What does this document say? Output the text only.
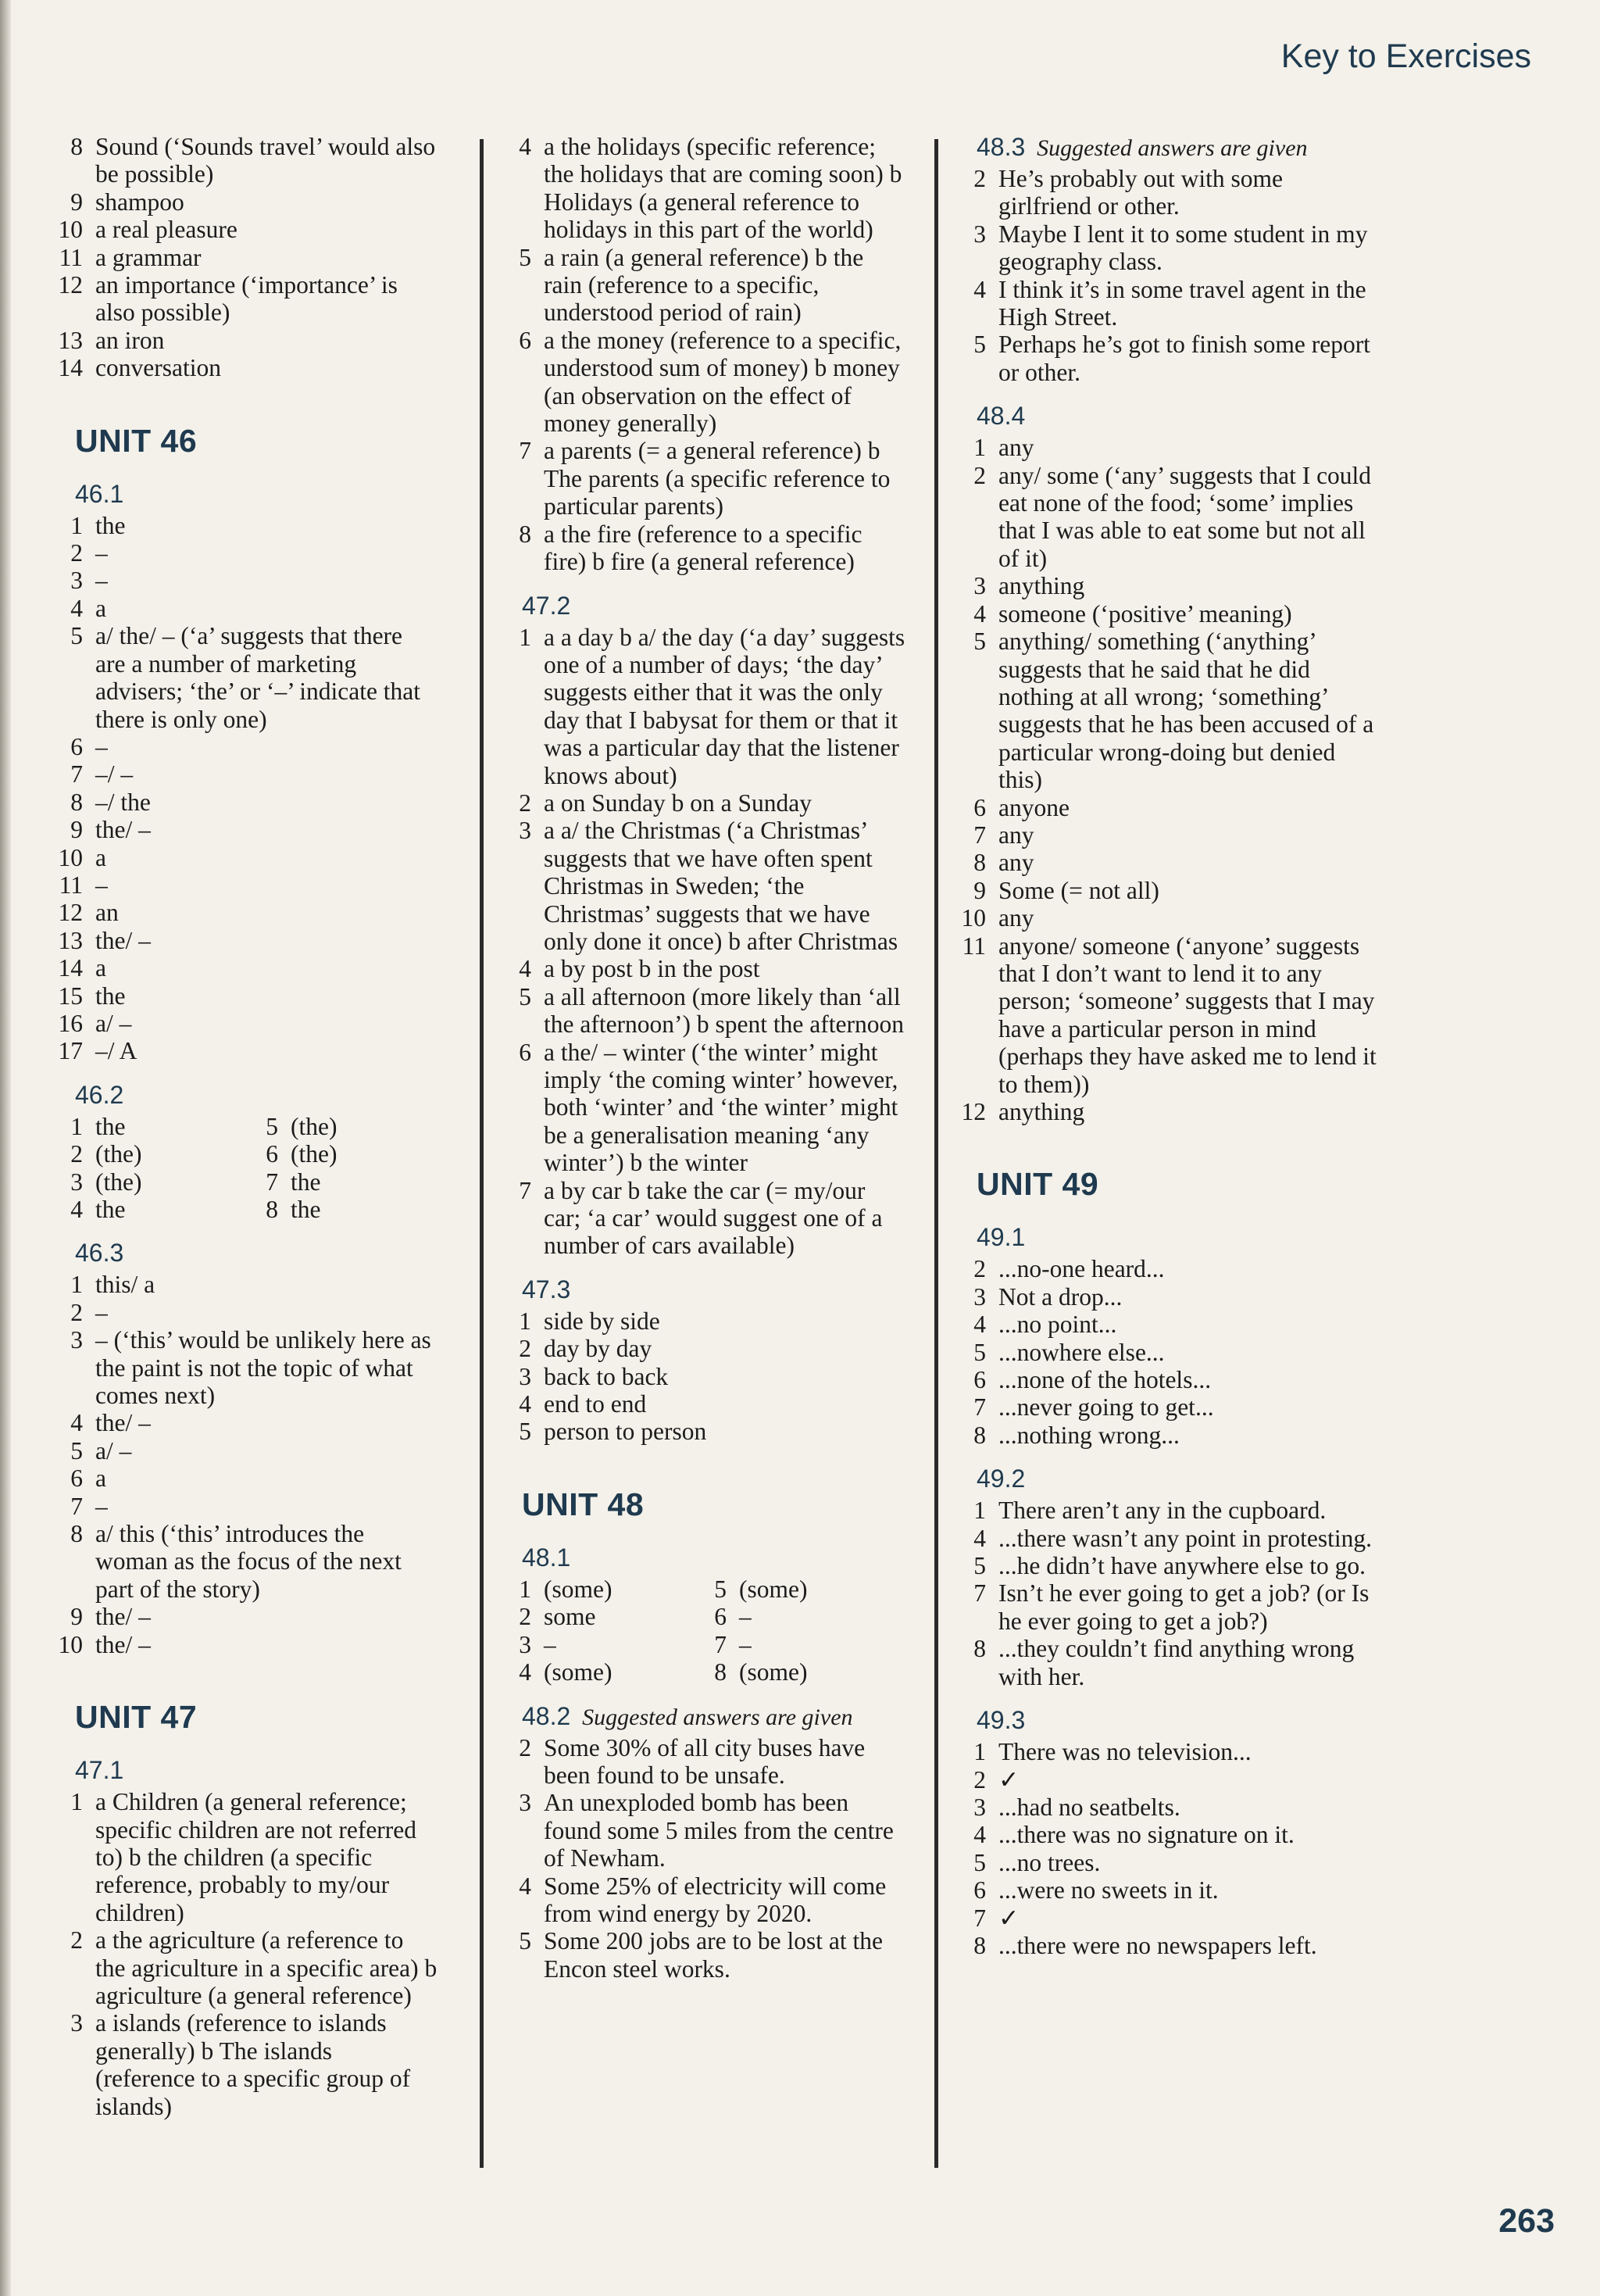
Key to Exercises
8 Sound (‘Sounds travel’ would also be possible)
9 shampoo
10 a real pleasure
11 a grammar
12 an importance (‘importance’ is also possible)
13 an iron
14 conversation
UNIT 46
46.1
1 the
2 –
3 –
4 a
5 a/ the/ – (‘a’ suggests that there are a number of marketing advisers; ‘the’ or ‘–’ indicate that there is only one)
6 –
7 –/ –
8 –/ the
9 the/ –
10 a
11 –
12 an
13 the/ –
14 a
15 the
16 a/ –
17 –/ A
46.2
1 the	5 (the)
2 (the)	6 (the)
3 (the)	7 the
4 the	8 the
46.3
1 this/ a
2 –
3 – (‘this’ would be unlikely here as the paint is not the topic of what comes next)
4 the/ –
5 a/ –
6 a
7 –
8 a/ this (‘this’ introduces the woman as the focus of the next part of the story)
9 the/ –
10 the/ –
UNIT 47
47.1
1 a Children (a general reference; specific children are not referred to) b the children (a specific reference, probably to my/our children)
2 a the agriculture (a reference to the agriculture in a specific area) b agriculture (a general reference)
3 a islands (reference to islands generally) b The islands (reference to a specific group of islands)
4 a the holidays (specific reference; the holidays that are coming soon) b Holidays (a general reference to holidays in this part of the world)
5 a rain (a general reference) b the rain (reference to a specific, understood period of rain)
6 a the money (reference to a specific, understood sum of money) b money (an observation on the effect of money generally)
7 a parents (= a general reference) b The parents (a specific reference to particular parents)
8 a the fire (reference to a specific fire) b fire (a general reference)
47.2
1 a a day b a/ the day (‘a day’ suggests one of a number of days; ‘the day’ suggests either that it was the only day that I babysat for them or that it was a particular day that the listener knows about)
2 a on Sunday b on a Sunday
3 a a/ the Christmas (‘a Christmas’ suggests that we have often spent Christmas in Sweden; ‘the Christmas’ suggests that we have only done it once) b after Christmas
4 a by post b in the post
5 a all afternoon (more likely than ‘all the afternoon’) b spent the afternoon
6 a the/ – winter (‘the winter’ might imply ‘the coming winter’ however, both ‘winter’ and ‘the winter’ might be a generalisation meaning ‘any winter’) b the winter
7 a by car b take the car (= my/our car; ‘a car’ would suggest one of a number of cars available)
47.3
1 side by side
2 day by day
3 back to back
4 end to end
5 person to person
UNIT 48
48.1
1 (some)	5 (some)
2 some	6 –
3 –	7 –
4 (some)	8 (some)
48.2 Suggested answers are given
2 Some 30% of all city buses have been found to be unsafe.
3 An unexploded bomb has been found some 5 miles from the centre of Newham.
4 Some 25% of electricity will come from wind energy by 2020.
5 Some 200 jobs are to be lost at the Encon steel works.
48.3 Suggested answers are given
2 He’s probably out with some girlfriend or other.
3 Maybe I lent it to some student in my geography class.
4 I think it’s in some travel agent in the High Street.
5 Perhaps he’s got to finish some report or other.
48.4
1 any
2 any/ some (‘any’ suggests that I could eat none of the food; ‘some’ implies that I was able to eat some but not all of it)
3 anything
4 someone (‘positive’ meaning)
5 anything/ something (‘anything’ suggests that he said that he did nothing at all wrong; ‘something’ suggests that he has been accused of a particular wrong-doing but denied this)
6 anyone
7 any
8 any
9 Some (= not all)
10 any
11 anyone/ someone (‘anyone’ suggests that I don’t want to lend it to any person; ‘someone’ suggests that I may have a particular person in mind (perhaps they have asked me to lend it to them))
12 anything
UNIT 49
49.1
2 ...no-one heard...
3 Not a drop...
4 ...no point...
5 ...nowhere else...
6 ...none of the hotels...
7 ...never going to get...
8 ...nothing wrong...
49.2
1 There aren’t any in the cupboard.
4 ...there wasn’t any point in protesting.
5 ...he didn’t have anywhere else to go.
7 Isn’t he ever going to get a job? (or Is he ever going to get a job?)
8 ...they couldn’t find anything wrong with her.
49.3
1 There was no television...
2 ✓
3 ...had no seatbelts.
4 ...there was no signature on it.
5 ...no trees.
6 ...were no sweets in it.
7 ✓
8 ...there were no newspapers left.
263
